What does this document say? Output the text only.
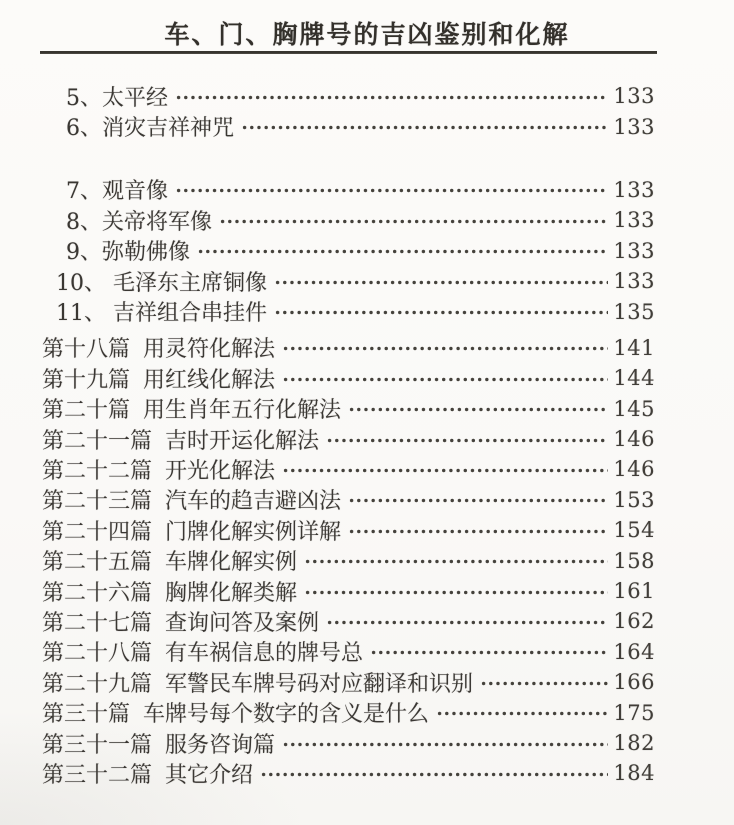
车、门、胸牌号的吉凶鉴别和化解
5、太平经	133
6、消灾吉祥神咒	133
7、观音像	133
8、关帝将军像	133
9、弥勒佛像	133
10、 毛泽东主席铜像	133
11、 吉祥组合串挂件	135
第十八篇 用灵符化解法	141
第十九篇 用红线化解法	144
第二十篇 用生肖年五行化解法	145
第二十一篇 吉时开运化解法	146
第二十二篇 开光化解法	146
第二十三篇 汽车的趋吉避凶法	153
第二十四篇 门牌化解实例详解	154
第二十五篇 车牌化解实例	158
第二十六篇 胸牌化解类解	161
第二十七篇 查询问答及案例	162
第二十八篇 有车祸信息的牌号总	164
第二十九篇 军警民车牌号码对应翻译和识别	166
第三十篇 车牌号每个数字的含义是什么	175
第三十一篇 服务咨询篇	182
第三十二篇 其它介绍	184
